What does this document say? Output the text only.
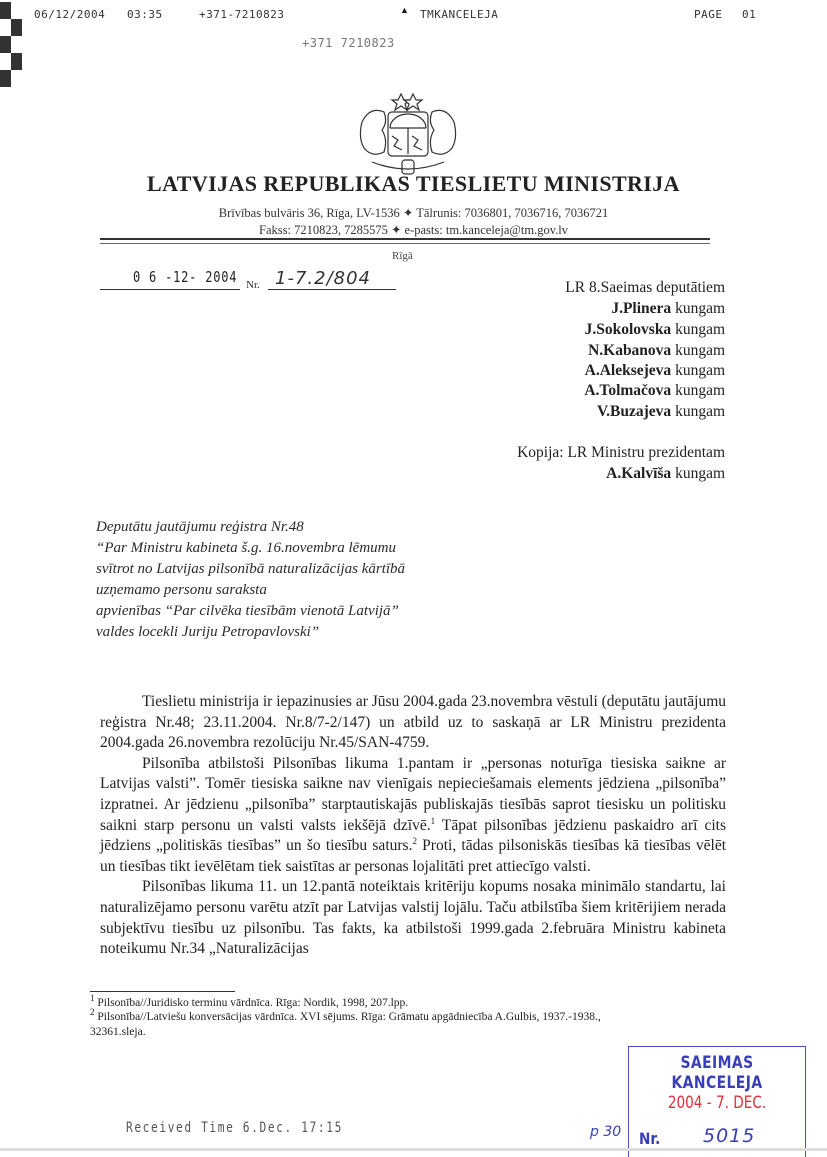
06/12/2004 03:35	+371-7210823	▲ TMKANCELEJA	PAGE 01
+371 7210823
LATVIJAS REPUBLIKAS TIESLIETU MINISTRIJA
Brīvības bulvāris 36, Rīga, LV-1536 ✦ Tālrunis: 7036801, 7036716, 7036721
Fakss: 7210823, 7285575 ✦ e-pasts: tm.kanceleja@tm.gov.lv
Rīgā
0 6 -12- 2004 Nr. 1-7.2/804	LR 8.Saeimas deputātiem
J.Plinera kungam
J.Sokolovska kungam
N.Kabanova kungam
A.Aleksejeva kungam
A.Tolmačova kungam
V.Buzajeva kungam
Kopija: LR Ministru prezidentam
A.Kalvīša kungam
Deputātu jautājumu reģistra Nr.48
“Par Ministru kabineta š.g. 16.novembra lēmumu
svītrot no Latvijas pilsonībā naturalizācijas kārtībā
uzņemamo personu saraksta
apvienības “Par cilvēka tiesībām vienotā Latvijā”
valdes locekli Juriju Petropavlovski”

Tieslietu ministrija ir iepazinusies ar Jūsu 2004.gada 23.novembra vēstuli (deputātu jautājumu reģistra Nr.48; 23.11.2004. Nr.8/7-2/147) un atbild uz to saskaņā ar LR Ministru prezidenta 2004.gada 26.novembra rezolūciju Nr.45/SAN-4759.

Pilsonība atbilstoši Pilsonības likuma 1.pantam ir „personas noturīga tiesiska saikne ar Latvijas valsti”. Tomēr tiesiska saikne nav vienīgais nepieciešamais elements jēdziena „pilsonība” izpratnei. Ar jēdzienu „pilsonība” starptautiskajās publiskajās tiesībās saprot tiesisku un politisku saikni starp personu un valsti valsts iekšējā dzīvē.$^1$ Tāpat pilsonības jēdzienu paskaidro arī cits jēdziens „politiskās tiesības” un šo tiesību saturs.$^2$ Proti, tādas pilsoniskās tiesības kā tiesības vēlēt un tiesības tikt ievēlētam tiek saistītas ar personas lojalitāti pret attiecīgo valsti.

Pilsonības likuma 11. un 12.pantā noteiktais kritēriju kopums nosaka minimālo standartu, lai naturalizējamo personu varētu atzīt par Latvijas valstij lojālu. Taču atbilstība šiem kritērijiem nerada subjektīvu tiesību uz pilsonību. Tas fakts, ka atbilstoši 1999.gada 2.februāra Ministru kabineta noteikumu Nr.34 „Naturalizācijas

$^1$ Pilsonība//Juridisko terminu vārdnīca. Rīga: Nordik, 1998, 207.lpp.
$^2$ Pilsonība//Latviešu konversācijas vārdnīca. XVI sējums. Rīga: Grāmatu apgādniecība A.Gulbis, 1937.-1938.,
32361.sleja.
Received Time 6.Dec. 17:15	p 30
SAEIMAS KANCELEJA
2004 - 7. DEC.
Nr. 5015
